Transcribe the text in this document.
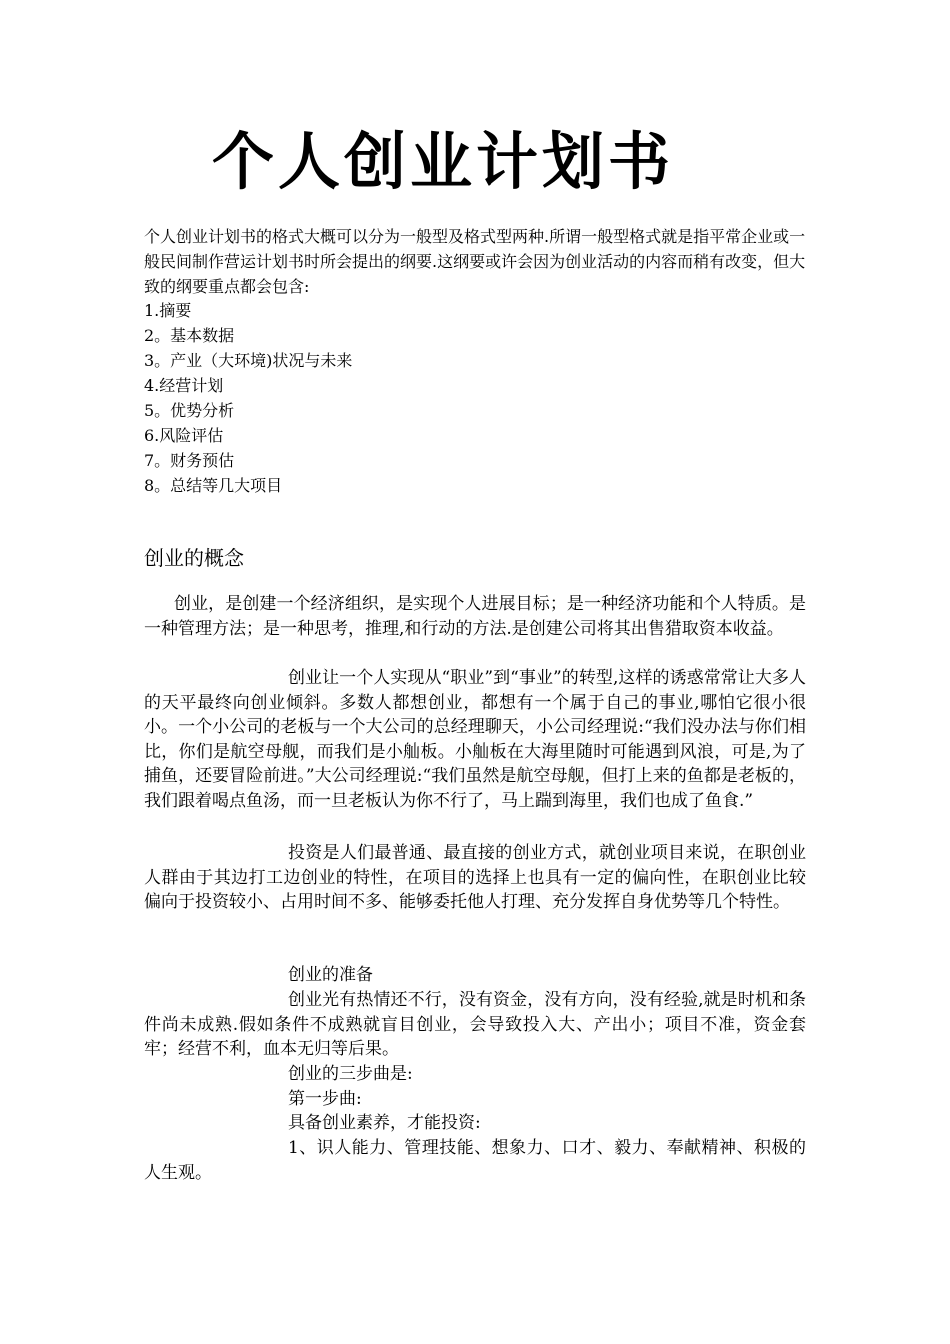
个人创业计划书

个人创业计划书的格式大概可以分为一般型及格式型两种.所谓一般型格式就是指平常企业或一般民间制作营运计划书时所会提出的纲要.这纲要或许会因为创业活动的内容而稍有改变，但大致的纲要重点都会包含:

1.摘要
2。基本数据
3。产业（大环境)状况与未来
4.经营计划
5。优势分析
6.风险评估
7。财务预估
8。总结等几大项目
创业的概念

创业，是创建一个经济组织，是实现个人进展目标；是一种经济功能和个人特质。是一种管理方法；是一种思考，推理,和行动的方法.是创建公司将其出售猎取资本收益。

创业让一个人实现从“职业”到“事业”的转型,这样的诱惑常常让大多人的天平最终向创业倾斜。多数人都想创业，都想有一个属于自己的事业,哪怕它很小很小。一个小公司的老板与一个大公司的总经理聊天，小公司经理说:“我们没办法与你们相比，你们是航空母舰，而我们是小舢板。小舢板在大海里随时可能遇到风浪，可是,为了捕鱼，还要冒险前进。”大公司经理说:“我们虽然是航空母舰，但打上来的鱼都是老板的，我们跟着喝点鱼汤，而一旦老板认为你不行了，马上踹到海里，我们也成了鱼食.”

投资是人们最普通、最直接的创业方式，就创业项目来说，在职创业人群由于其边打工边创业的特性，在项目的选择上也具有一定的偏向性，在职创业比较偏向于投资较小、占用时间不多、能够委托他人打理、充分发挥自身优势等几个特性。

创业的准备

创业光有热情还不行，没有资金，没有方向，没有经验,就是时机和条件尚未成熟.假如条件不成熟就盲目创业，会导致投入大、产出小；项目不准，资金套牢；经营不利，血本无归等后果。

创业的三步曲是:

第一步曲:

具备创业素养，才能投资:

1、识人能力、管理技能、想象力、口才、毅力、奉献精神、积极的人生观。
